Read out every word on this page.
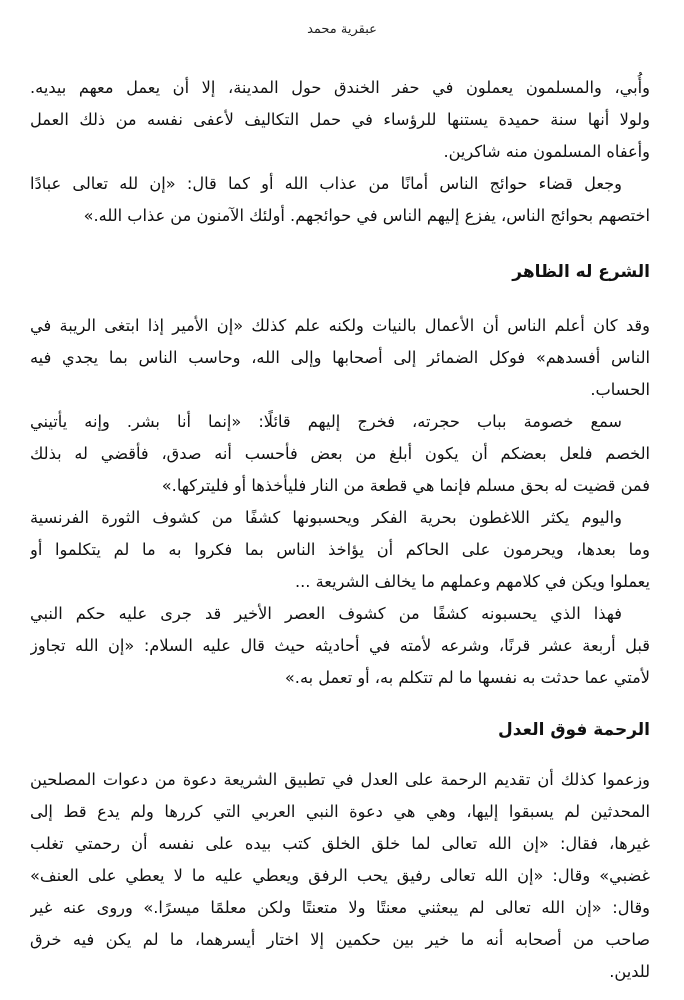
عبقرية محمد
وأُبي، والمسلمون يعملون في حفر الخندق حول المدينة، إلا أن يعمل معهم بيديه.
ولولا أنها سنة حميدة يستنها للرؤساء في حمل التكاليف لأعفى نفسه من ذلك العمل
وأعفاه المسلمون منه شاكرين.
وجعل قضاء حوائج الناس أمانًا من عذاب الله أو كما قال: «إن لله تعالى عبادًا
اختصهم بحوائج الناس، يفزع إليهم الناس في حوائجهم. أولئك الآمنون من عذاب الله.»
الشرع له الظاهر
وقد كان أعلم الناس أن الأعمال بالنيات ولكنه علم كذلك «إن الأمير إذا ابتغى الريبة في
الناس أفسدهم» فوكل الضمائر إلى أصحابها وإلى الله، وحاسب الناس بما يجدي فيه
الحساب.
سمع خصومة بباب حجرته، فخرج إليهم قائلًا: «إنما أنا بشر. وإنه يأتيني
الخصم فلعل بعضكم أن يكون أبلغ من بعض فأحسب أنه صدق، فأقضي له بذلك
فمن قضيت له بحق مسلم فإنما هي قطعة من النار فليأخذها أو فليتركها.»
واليوم يكثر اللاغطون بحرية الفكر ويحسبونها كشفًا من كشوف الثورة الفرنسية
وما بعدها، ويحرمون على الحاكم أن يؤاخذ الناس بما فكروا به ما لم يتكلموا أو
يعملوا ويكن في كلامهم وعملهم ما يخالف الشريعة ...
فهذا الذي يحسبونه كشفًا من كشوف العصر الأخير قد جرى عليه حكم النبي
قبل أربعة عشر قرنًا، وشرعه لأمته في أحاديثه حيث قال عليه السلام: «إن الله تجاوز
لأمتي عما حدثت به نفسها ما لم تتكلم به، أو تعمل به.»
الرحمة فوق العدل
وزعموا كذلك أن تقديم الرحمة على العدل في تطبيق الشريعة دعوة من دعوات المصلحين
المحدثين لم يسبقوا إليها، وهي هي دعوة النبي العربي التي كررها ولم يدع قط إلى
غيرها، فقال: «إن الله تعالى لما خلق الخلق كتب بيده على نفسه أن رحمتي تغلب
غضبي» وقال: «إن الله تعالى رفيق يحب الرفق ويعطي عليه ما لا يعطي على العنف»
وقال: «إن الله تعالى لم يبعثني معنتًا ولا متعنتًا ولكن معلمًا ميسرًا.» وروى عنه غير
صاحب من أصحابه أنه ما خير بين حكمين إلا اختار أيسرهما، ما لم يكن فيه خرق
للدين.
